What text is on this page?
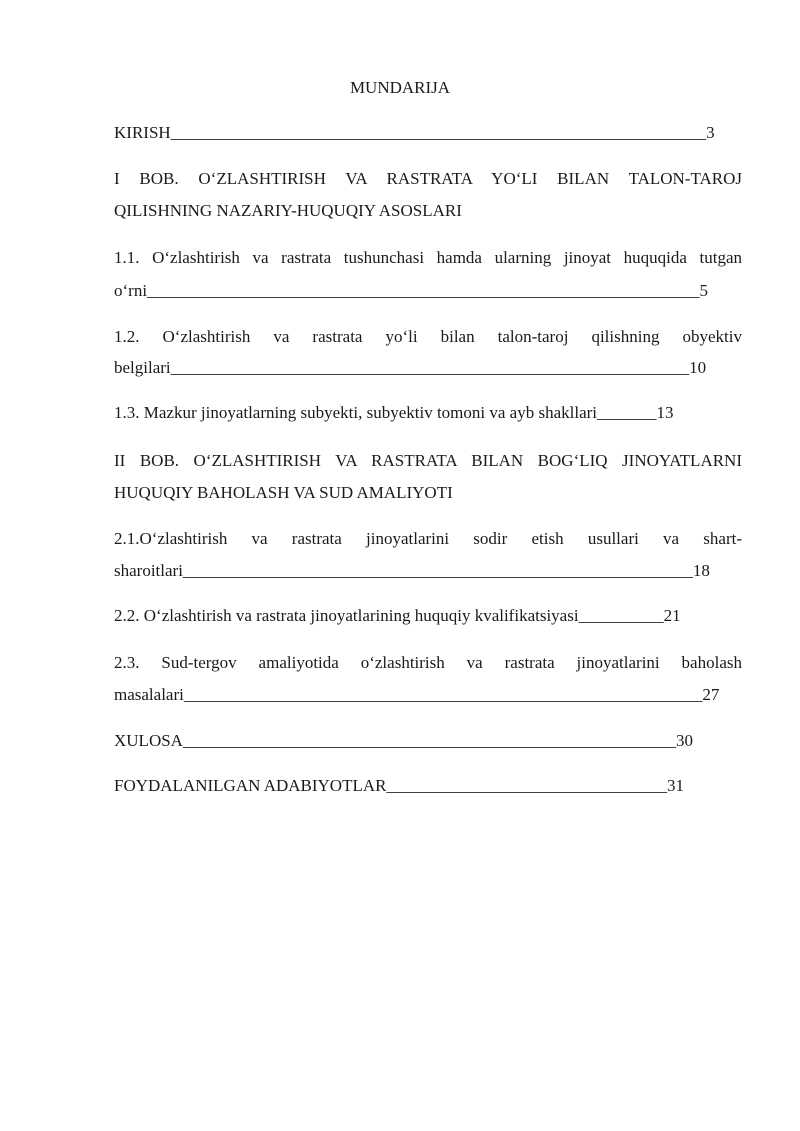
MUNDARIJA
KIRISH_______________________________________________________________3
I BOB. O‘ZLASHTIRISH VA RASTRATA YO‘LI BILAN TALON-TAROJ
QILISHNING NAZARIY-HUQUQIY ASOSLARI
1.1. O‘zlashtirish va rastrata tushunchasi hamda ularning jinoyat huquqida tutgan
o‘rni_________________________________________________________________5
1.2. O‘zlashtirish va rastrata yo‘li bilan talon-taroj qilishning obyektiv
belgilari_____________________________________________________________10
1.3. Mazkur jinoyatlarning subyekti, subyektiv tomoni va ayb shakllari_______13
II BOB. O‘ZLASHTIRISH VA RASTRATA BILAN BOG‘LIQ JINOYATLARNI
HUQUQIY BAHOLASH VA SUD AMALIYOTI
2.1.O‘zlashtirish va rastrata jinoyatlarini sodir etish usullari va shart-
sharoitlari____________________________________________________________18
2.2. O‘zlashtirish va rastrata jinoyatlarining huquqiy kvalifikatsiyasi__________21
2.3. Sud-tergov amaliyotida o‘zlashtirish va rastrata jinoyatlarini baholash
masalalari_____________________________________________________________27
XULOSA__________________________________________________________30
FOYDALANILGAN ADABIYOTLAR_________________________________31
